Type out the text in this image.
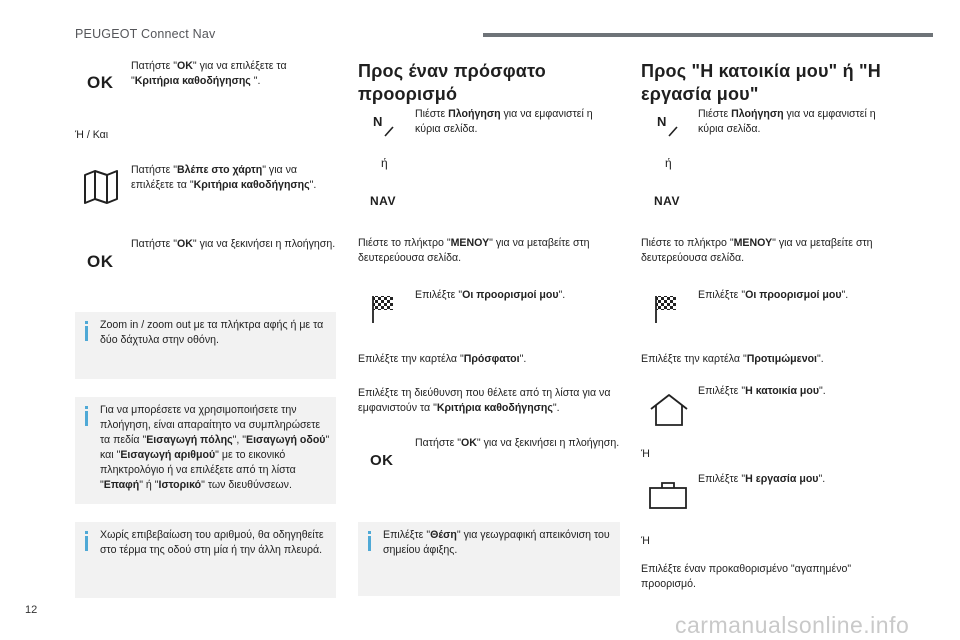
PEUGEOT Connect Nav
OK
Πατήστε "OK" για να επιλέξετε τα "Κριτήρια καθοδήγησης ".
Ή / Και
Πατήστε "Βλέπε στο χάρτη" για να επιλέξετε τα "Κριτήρια καθοδήγησης".
OK
Πατήστε "OK" για να ξεκινήσει η πλοήγηση.
Zoom in / zoom out με τα πλήκτρα αφής ή με τα δύο δάχτυλα στην οθόνη.
Για να μπορέσετε να χρησιμοποιήσετε την πλοήγηση, είναι απαραίτητο να συμπληρώσετε τα πεδία "Εισαγωγή πόλης", "Εισαγωγή οδού" και "Εισαγωγή αριθμού" με το εικονικό πληκτρολόγιο ή να επιλέξετε από τη λίστα "Επαφή" ή "Ιστορικό" των διευθύνσεων.
Χωρίς επιβεβαίωση του αριθμού, θα οδηγηθείτε στο τέρμα της οδού στη μία ή την άλλη πλευρά.
Προς έναν πρόσφατο προορισμό
N
ή
NAV
Πιέστε Πλοήγηση για να εμφανιστεί η κύρια σελίδα.
Πιέστε το πλήκτρο "ΜΕΝΟΥ" για να μεταβείτε στη δευτερεύουσα σελίδα.
Επιλέξτε "Οι προορισμοί μου".
Επιλέξτε την καρτέλα "Πρόσφατοι".
Επιλέξτε τη διεύθυνση που θέλετε από τη λίστα για να εμφανιστούν τα "Κριτήρια καθοδήγησης".
OK
Πατήστε "OK" για να ξεκινήσει η πλοήγηση.
Επιλέξτε "Θέση" για γεωγραφική απεικόνιση του σημείου άφιξης.
Προς "Η κατοικία μου" ή "Η εργασία μου"
N
ή
NAV
Πιέστε Πλοήγηση για να εμφανιστεί η κύρια σελίδα.
Πιέστε το πλήκτρο "ΜΕΝΟΥ" για να μεταβείτε στη δευτερεύουσα σελίδα.
Επιλέξτε "Οι προορισμοί μου".
Επιλέξτε την καρτέλα "Προτιμώμενοι".
Επιλέξτε "Η κατοικία μου".
Ή
Επιλέξτε "Η εργασία μου".
Ή
Επιλέξτε έναν προκαθορισμένο "αγαπημένο" προορισμό.
12
carmanualsonline.info
